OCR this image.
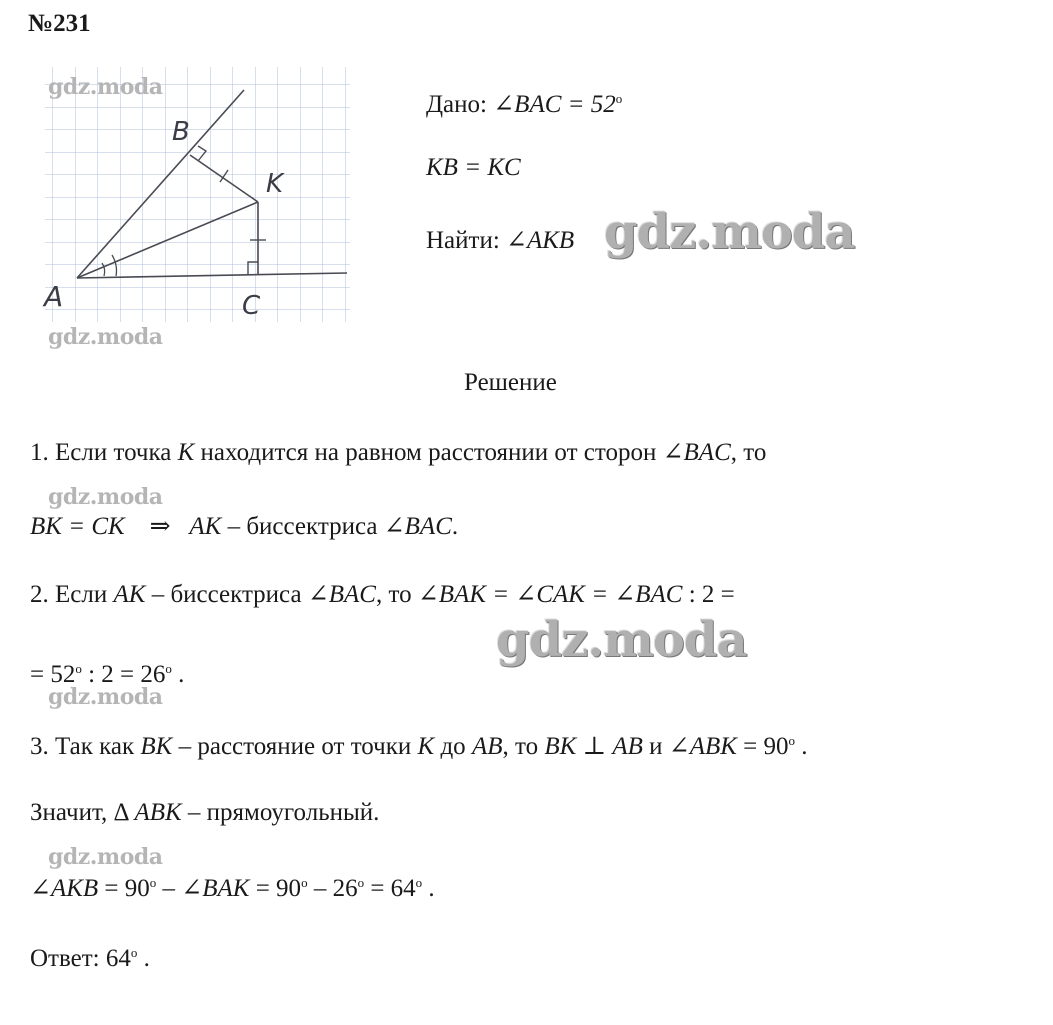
№231
A
B
K
C
gdz.moda
gdz.moda
gdz.moda
gdz.moda
gdz.moda
Дано: ∠BAC = $52^o$
KB = KC
Найти: ∠AKB gdz.moda
Решение
1. Если точка K находится на равном расстоянии от сторон ∠BAC, то
BK = CK ⇒ AK – биссектриса ∠BAC.
2. Если AK – биссектриса ∠BAC, то ∠BAK = ∠CAK = ∠BAC : 2 =
gdz.moda
= $52^o$ : $2 = 26^o$ .
3. Так как BK – расстояние от точки K до AB, то BK ⊥ AB и ∠ABK = $90^o$ .
Значит, Δ ABK – прямоугольный.
∠AKB = $90^o$ – ∠BAK = $90^o - 26^o = 64^o$ .
Ответ: 64$^o$ .
